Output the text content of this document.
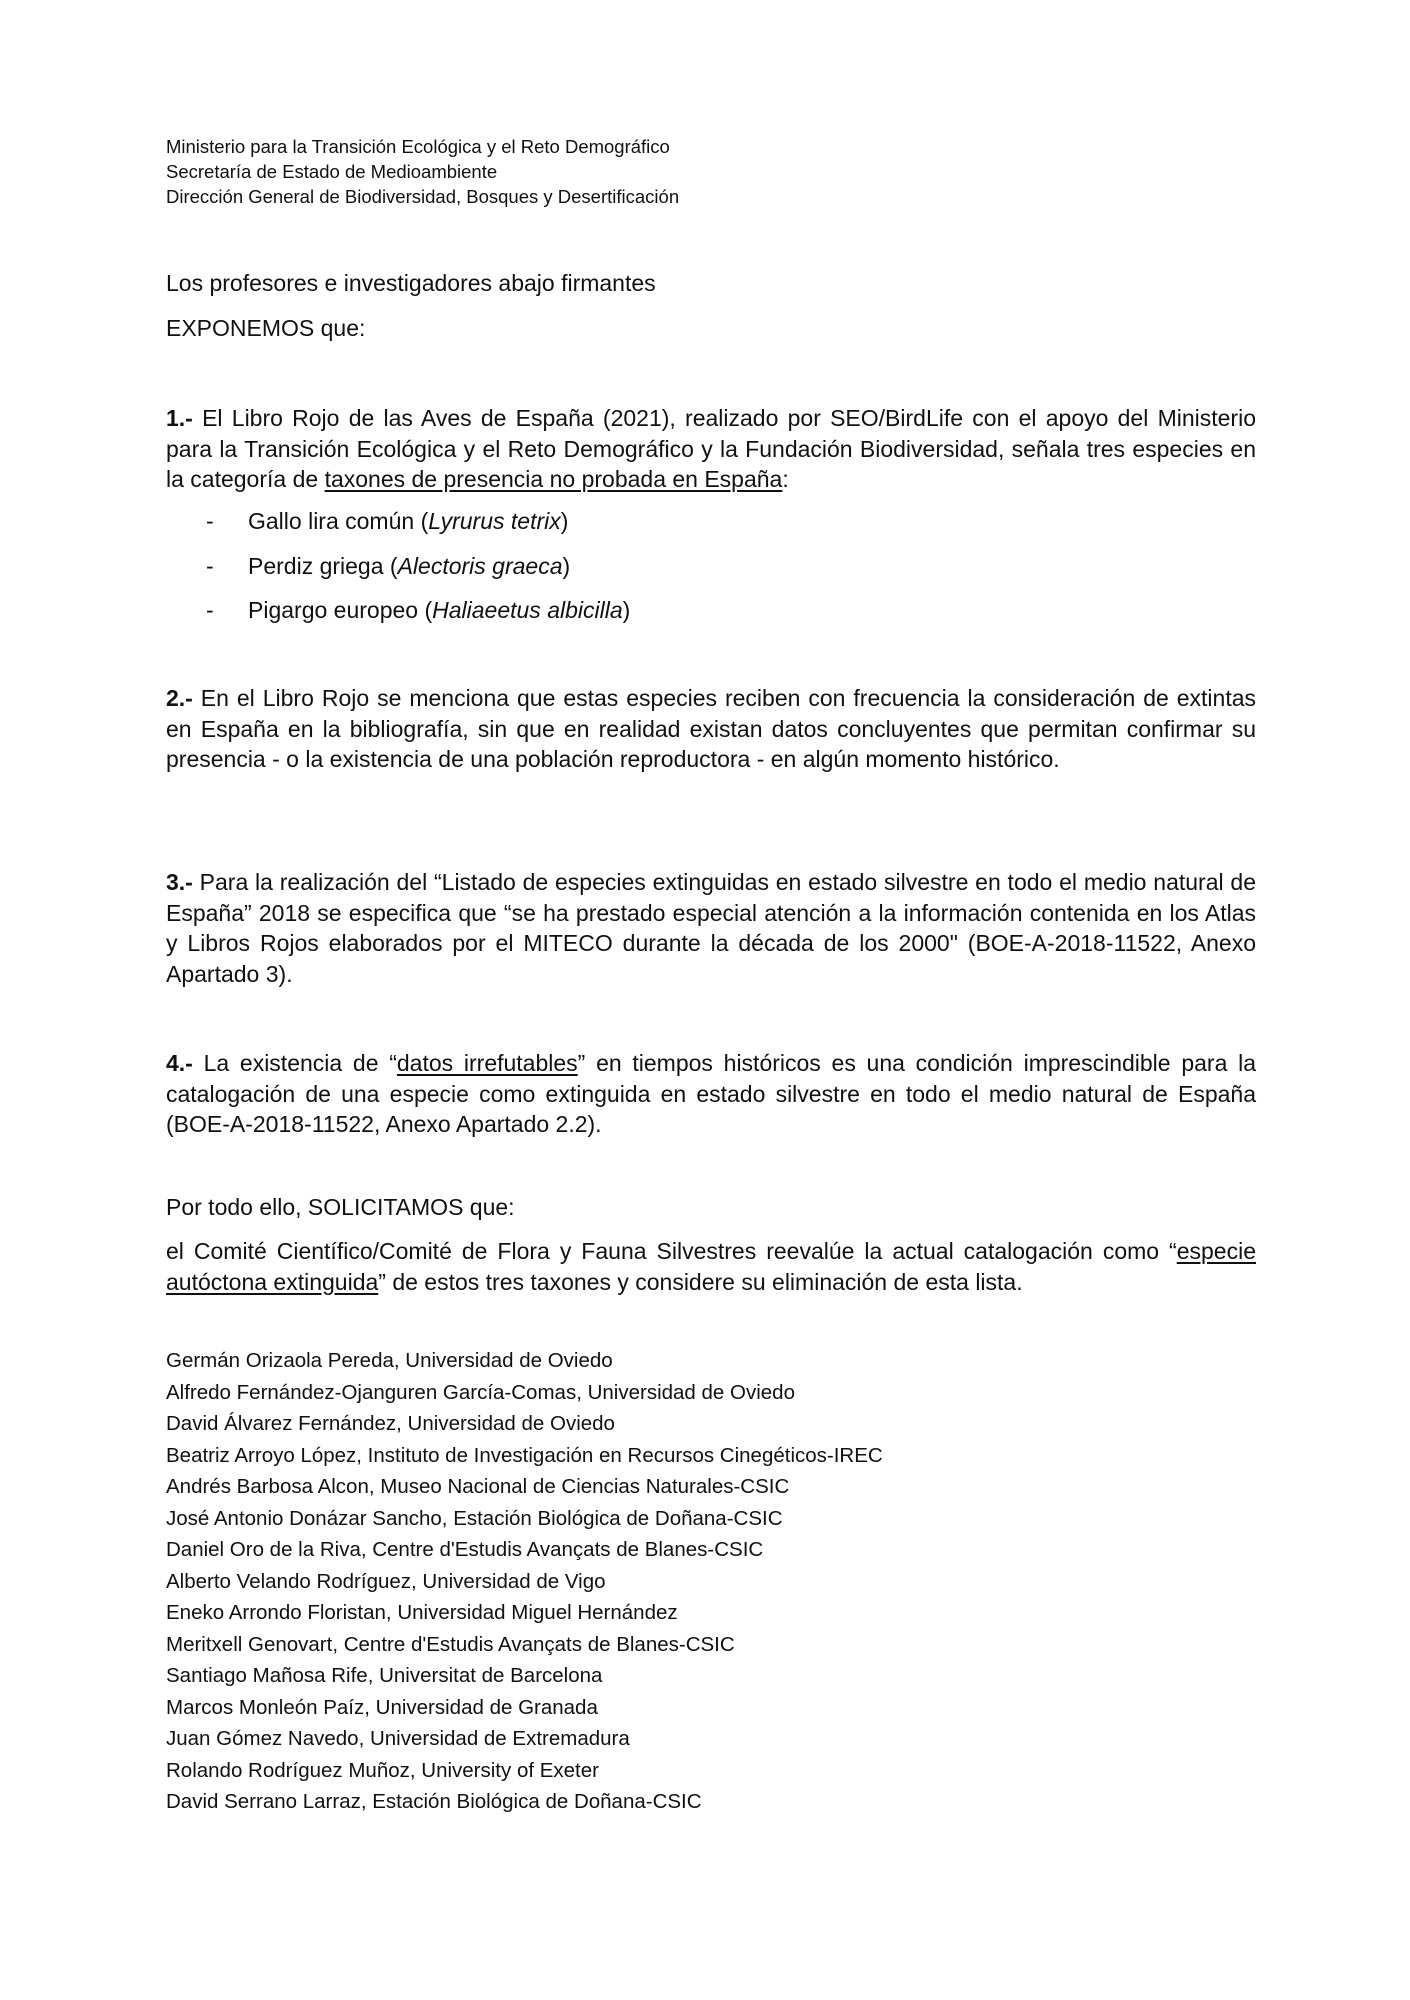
Ministerio para la Transición Ecológica y el Reto Demográfico
Secretaría de Estado de Medioambiente
Dirección General de Biodiversidad, Bosques y Desertificación
Los profesores e investigadores abajo firmantes
EXPONEMOS que:
1.- El Libro Rojo de las Aves de España (2021), realizado por SEO/BirdLife con el apoyo del Ministerio para la Transición Ecológica y el Reto Demográfico y la Fundación Biodiversidad, señala tres especies en la categoría de taxones de presencia no probada en España:
-	Gallo lira común (Lyrurus tetrix)
-	Perdiz griega (Alectoris graeca)
-	Pigargo europeo (Haliaeetus albicilla)
2.- En el Libro Rojo se menciona que estas especies reciben con frecuencia la consideración de extintas en España en la bibliografía, sin que en realidad existan datos concluyentes que permitan confirmar su presencia - o la existencia de una población reproductora - en algún momento histórico.
3.- Para la realización del “Listado de especies extinguidas en estado silvestre en todo el medio natural de España” 2018 se especifica que “se ha prestado especial atención a la información contenida en los Atlas y Libros Rojos elaborados por el MITECO durante la década de los 2000" (BOE-A-2018-11522, Anexo Apartado 3).
4.- La existencia de “datos irrefutables” en tiempos históricos es una condición imprescindible para la catalogación de una especie como extinguida en estado silvestre en todo el medio natural de España (BOE-A-2018-11522, Anexo Apartado 2.2).
Por todo ello, SOLICITAMOS que:
el Comité Científico/Comité de Flora y Fauna Silvestres reevalúe la actual catalogación como “especie autóctona extinguida” de estos tres taxones y considere su eliminación de esta lista.
Germán Orizaola Pereda, Universidad de Oviedo
Alfredo Fernández-Ojanguren García-Comas, Universidad de Oviedo
David Álvarez Fernández, Universidad de Oviedo
Beatriz Arroyo López, Instituto de Investigación en Recursos Cinegéticos-IREC
Andrés Barbosa Alcon, Museo Nacional de Ciencias Naturales-CSIC
José Antonio Donázar Sancho, Estación Biológica de Doñana-CSIC
Daniel Oro de la Riva, Centre d'Estudis Avançats de Blanes-CSIC
Alberto Velando Rodríguez, Universidad de Vigo
Eneko Arrondo Floristan, Universidad Miguel Hernández
Meritxell Genovart, Centre d'Estudis Avançats de Blanes-CSIC
Santiago Mañosa Rife, Universitat de Barcelona
Marcos Monleón Paíz, Universidad de Granada
Juan Gómez Navedo, Universidad de Extremadura
Rolando Rodríguez Muñoz, University of Exeter
David Serrano Larraz, Estación Biológica de Doñana-CSIC
